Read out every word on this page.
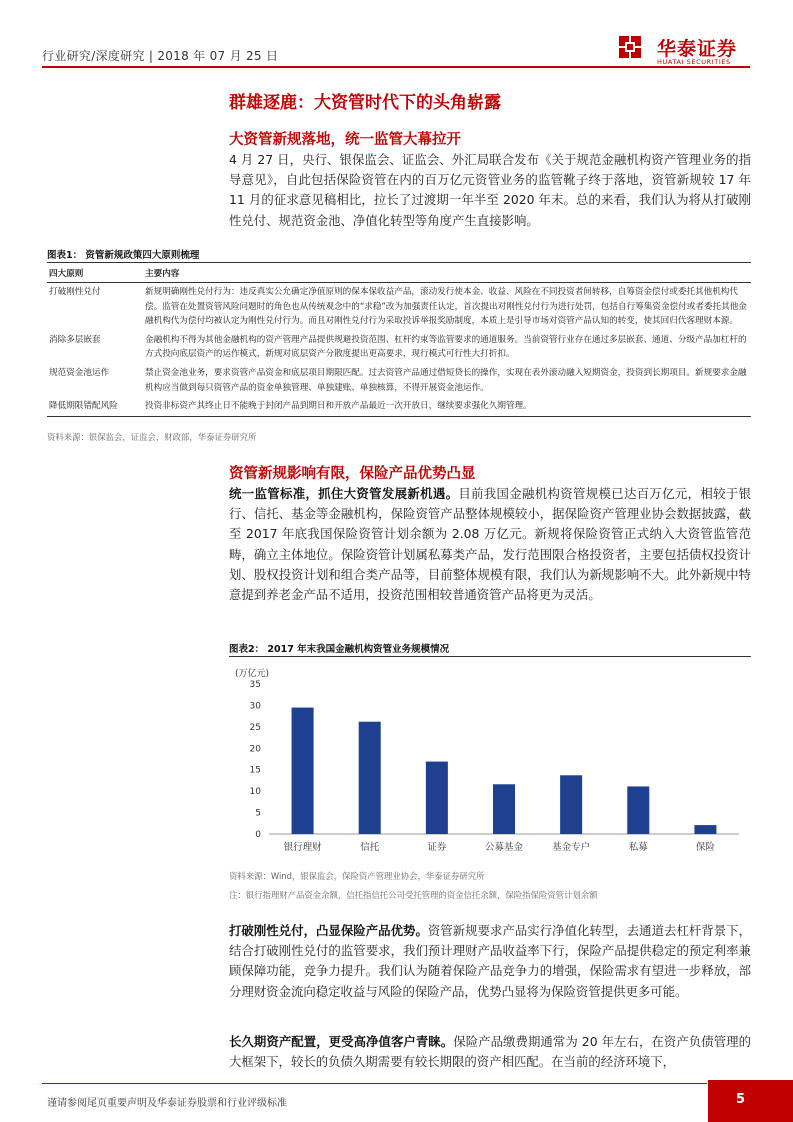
行业研究/深度研究 | 2018 年 07 月 25 日	华泰证券
HUATAI SECURITIES
群雄逐鹿：大资管时代下的头角崭露
大资管新规落地，统一监管大幕拉开
4 月 27 日，央行、银保监会、证监会、外汇局联合发布《关于规范金融机构资产管理业务的指导意见》，自此包括保险资管在内的百万亿元资管业务的监管靴子终于落地，资管新规较 17 年 11 月的征求意见稿相比，拉长了过渡期一年半至 2020 年末。总的来看，我们认为将从打破刚性兑付、规范资金池、净值化转型等角度产生直接影响。
图表1： 资管新规政策四大原则梳理
四大原则	主要内容
打破刚性兑付	新规明确刚性兑付行为：违反真实公允确定净值原则的保本保收益产品，滚动发行使本金、收益、风险在不同投资者间转移，自筹资金偿付或委托其他机构代偿。监管在处置资管风险问题时的角色也从传统观念中的“求稳”改为加强责任认定，首次提出对刚性兑付行为进行处罚，包括自行筹集资金偿付或者委托其他金融机构代为偿付均被认定为刚性兑付行为。而且对刚性兑付行为采取投诉举报奖励制度，本质上是引导市场对资管产品认知的转变，使其回归代客理财本源。
消除多层嵌套	金融机构不得为其他金融机构的资产管理产品提供规避投资范围、杠杆约束等监管要求的通道服务。当前资管行业存在通过多层嵌套、通道、分级产品加杠杆的方式投向底层资产的运作模式，新规对底层资产分散度提出更高要求，现行模式可行性大打折扣。
规范资金池运作	禁止资金池业务，要求资管产品资金和底层项目期限匹配。过去资管产品通过借短贷长的操作，实现在表外滚动融入短期资金，投资到长期项目。新规要求金融机构应当做到每只资管产品的资金单独管理、单独建账、单独核算，不得开展资金池运作。
降低期限错配风险	投资非标资产其终止日不能晚于封闭产品到期日和开放产品最近一次开放日，继续要求强化久期管理。
资料来源：银保监会，证监会，财政部，华泰证券研究所
资管新规影响有限，保险产品优势凸显
统一监管标准，抓住大资管发展新机遇。目前我国金融机构资管规模已达百万亿元，相较于银行、信托、基金等金融机构，保险资管产品整体规模较小，据保险资产管理业协会数据披露，截至 2017 年底我国保险资管计划余额为 2.08 万亿元。新规将保险资管正式纳入大资管监管范畴，确立主体地位。保险资管计划属私募类产品，发行范围限合格投资者，主要包括债权投资计划、股权投资计划和组合类产品等，目前整体规模有限，我们认为新规影响不大。此外新规中特意提到养老金产品不适用，投资范围相较普通资管产品将更为灵活。
图表2： 2017 年末我国金融机构资管业务规模情况
(万亿元)
0
5
10
15
20
25
30
35
银行理财	信托	证券	公募基金	基金专户	私募	保险
资料来源：Wind，银保监会，保险资产管理业协会，华泰证券研究所
注：银行指理财产品资金余额，信托指信托公司受托管理的资金信托余额，保险指保险资管计划余额
打破刚性兑付，凸显保险产品优势。资管新规要求产品实行净值化转型，去通道去杠杆背景下，结合打破刚性兑付的监管要求，我们预计理财产品收益率下行，保险产品提供稳定的预定利率兼顾保障功能，竞争力提升。我们认为随着保险产品竞争力的增强，保险需求有望进一步释放，部分理财资金流向稳定收益与风险的保险产品，优势凸显将为保险资管提供更多可能。
长久期资产配置，更受高净值客户青睐。保险产品缴费期通常为 20 年左右，在资产负债管理的大框架下，较长的负债久期需要有较长期限的资产相匹配。在当前的经济环境下，
谨请参阅尾页重要声明及华泰证券股票和行业评级标准	5
